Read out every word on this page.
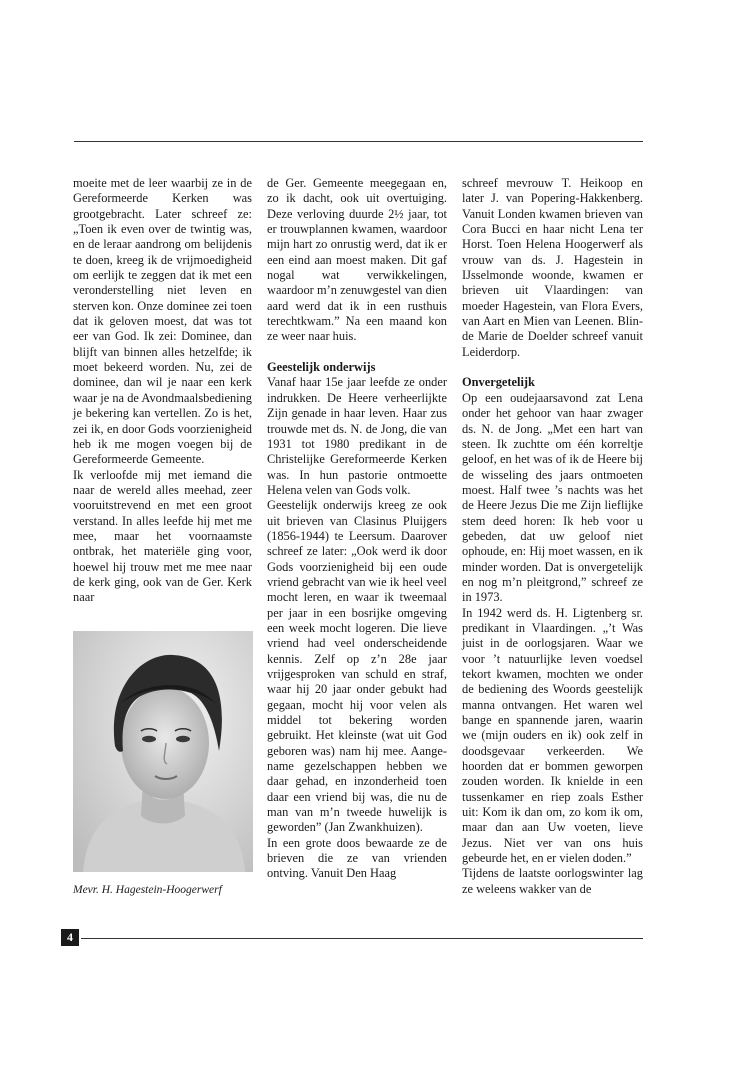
moeite met de leer waarbij ze in de Gereformeerde Kerken was grootgebracht. Later schreef ze: „Toen ik even over de twintig was, en de leraar aandrong om belijdenis te doen, kreeg ik de vrijmoedigheid om eerlijk te zeggen dat ik met een veronderstelling niet leven en sterven kon. Onze dominee zei toen dat ik geloven moest, dat was tot eer van God. Ik zei: Dominee, dan blijft van binnen alles hetzelfde; ik moet bekeerd worden. Nu, zei de dominee, dan wil je naar een kerk waar je na de Avondmaalsbediening je bekering kan vertellen. Zo is het, zei ik, en door Gods voorzienigheid heb ik me mogen voegen bij de Gereformeerde Gemeente.

Ik verloofde mij met iemand die naar de wereld alles meehad, zeer vooruitstrevend en met een groot verstand. In alles leefde hij met me mee, maar het voornaamste ontbrak, het materiële ging voor, hoewel hij trouw met me mee naar de kerk ging, ook van de Ger. Kerk naar

de Ger. Gemeente meegegaan en, zo ik dacht, ook uit overtuiging. Deze verloving duurde 2½ jaar, tot er trouwplannen kwamen, waardoor mijn hart zo onrustig werd, dat ik er een eind aan moest maken. Dit gaf nogal wat verwikkelingen, waardoor m’n zenuwgestel van dien aard werd dat ik in een rusthuis terechtkwam.” Na een maand kon ze weer naar huis.

Geestelijk onderwijs

Vanaf haar 15e jaar leefde ze onder indrukken. De Heere verheerlijkte Zijn genade in haar leven. Haar zus trouwde met ds. N. de Jong, die van 1931 tot 1980 predikant in de Christelijke Gereformeerde Kerken was. In hun pastorie ontmoette Helena velen van Gods volk.

Geestelijk onderwijs kreeg ze ook uit brieven van Clasinus Pluijgers (1856-1944) te Leersum. Daarover schreef ze later: „Ook werd ik door Gods voorzienigheid bij een oude vriend gebracht van wie ik heel veel mocht leren, en waar ik tweemaal per jaar in een bosrijke omgeving een week mocht logeren. Die lieve vriend had veel onderscheidende kennis. Zelf op z’n 28e jaar vrijgesproken van schuld en straf, waar hij 20 jaar onder gebukt had gegaan, mocht hij voor velen als middel tot bekering worden gebruikt. Het kleinste (wat uit God geboren was) nam hij mee. Aangename gezelschappen hebben we daar gehad, en inzonderheid toen daar een vriend bij was, die nu de man van m’n tweede huwelijk is geworden” (Jan Zwankhuizen).

In een grote doos bewaarde ze de brieven die ze van vrienden ontving. Vanuit Den Haag

schreef mevrouw T. Heikoop en later J. van Popering-Hakkenberg. Vanuit Londen kwamen brieven van Cora Bucci en haar nicht Lena ter Horst. Toen Helena Hoogerwerf als vrouw van ds. J. Hagestein in IJsselmonde woonde, kwamen er brieven uit Vlaardingen: van moeder Hagestein, van Flora Evers, van Aart en Mien van Leenen. Blinde Marie de Doelder schreef vanuit Leiderdorp.

Onvergetelijk

Op een oudejaarsavond zat Lena onder het gehoor van haar zwager ds. N. de Jong. „Met een hart van steen. Ik zuchtte om één korreltje geloof, en het was of ik de Heere bij de wisseling des jaars ontmoeten moest. Half twee ’s nachts was het de Heere Jezus Die me Zijn lieflijke stem deed horen: Ik heb voor u gebeden, dat uw geloof niet ophoude, en: Hij moet wassen, en ik minder worden. Dat is onvergetelijk en nog m’n pleitgrond,” schreef ze in 1973.

In 1942 werd ds. H. Ligtenberg sr. predikant in Vlaardingen. „’t Was juist in de oorlogsjaren. Waar we voor ’t natuurlijke leven voedsel tekort kwamen, mochten we onder de bediening des Woords geestelijk manna ontvangen. Het waren wel bange en spannende jaren, waarin we (mijn ouders en ik) ook zelf in doodsgevaar verkeerden. We hoorden dat er bommen geworpen zouden worden. Ik knielde in een tussenkamer en riep zoals Esther uit: Kom ik dan om, zo kom ik om, maar dan aan Uw voeten, lieve Jezus. Niet ver van ons huis gebeurde het, en er vielen doden.”

Tijdens de laatste oorlogswinter lag ze weleens wakker van de

Mevr. H. Hagestein-Hoogerwerf
4
